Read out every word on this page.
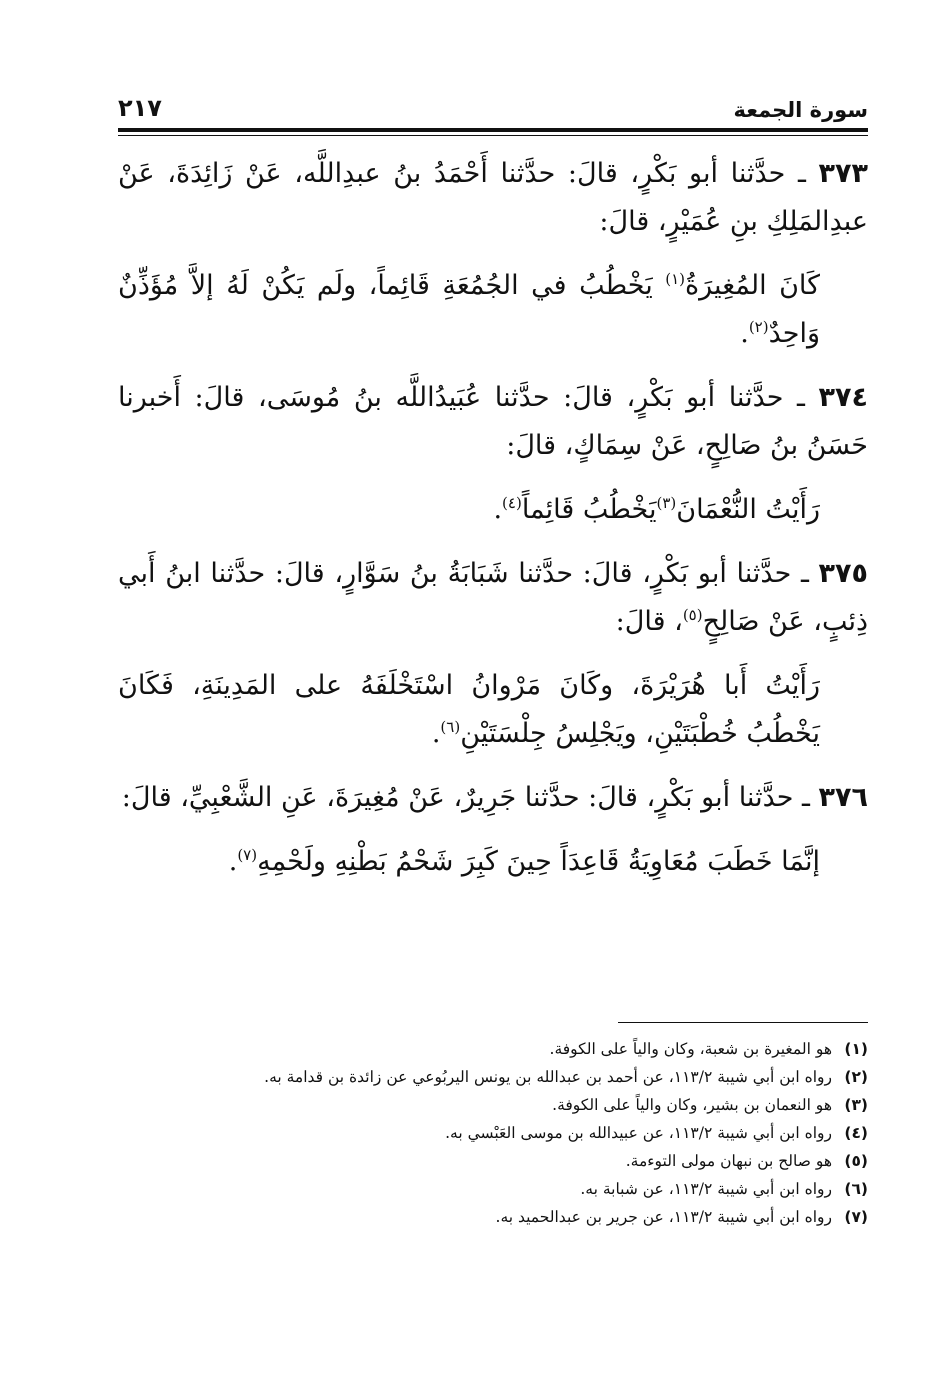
سورة الجمعة
٢١٧

٣٧٣ ـ حدَّثنا أبو بَكْرٍ، قالَ: حدَّثنا أَحْمَدُ بنُ عبدِاللَّه، عَنْ زَائِدَةَ، عَنْ عبدِالمَلِكِ بنِ عُمَيْرٍ، قالَ:

كَانَ المُغِيرَةُ$^{(١)}$ يَخْطُبُ في الجُمُعَةِ قَائِماً، ولَم يَكُنْ لَهُ إلاَّ مُؤَذِّنٌ وَاحِدٌ$^{(٢)}$.

٣٧٤ ـ حدَّثنا أبو بَكْرٍ، قالَ: حدَّثنا عُبَيدُاللَّه بنُ مُوسَى، قالَ: أَخبرنا حَسَنُ بنُ صَالِحٍ، عَنْ سِمَاكٍ، قالَ:

رَأَيْتُ النُّعْمَانَ$^{(٣)}$يَخْطُبُ قَائِماً$^{(٤)}$.

٣٧٥ ـ حدَّثنا أبو بَكْرٍ، قالَ: حدَّثنا شَبَابَةُ بنُ سَوَّارٍ، قالَ: حدَّثنا ابنُ أَبي ذِئبٍ، عَنْ صَالِحٍ$^{(٥)}$، قالَ:

رَأَيْتُ أَبا هُرَيْرَةَ، وكَانَ مَرْوانُ اسْتَخْلَفَهُ على المَدِينَةِ، فَكَانَ يَخْطُبُ خُطْبَتَيْنِ، ويَجْلِسُ جِلْسَتَيْنِ$^{(٦)}$.

٣٧٦ ـ حدَّثنا أبو بَكْرٍ، قالَ: حدَّثنا جَرِيرٌ، عَنْ مُغِيرَةَ، عَنِ الشَّعْبِيِّ، قالَ:

إنَّمَا خَطَبَ مُعَاوِيَةُ قَاعِدَاً حِينَ كَبِرَ شَحْمُ بَطْنِهِ ولَحْمِهِ$^{(٧)}$.

(١)
هو المغيرة بن شعبة، وكان والياً على الكوفة.
(٢)
رواه ابن أبي شيبة ١١٣/٢، عن أحمد بن عبدالله بن يونس اليربُوعي عن زائدة بن قدامة به.
(٣)
هو النعمان بن بشير، وكان والياً على الكوفة.
(٤)
رواه ابن أبي شيبة ١١٣/٢، عن عبيدالله بن موسى العَبْسي به.
(٥)
هو صالح بن نبهان مولى التوءمة.
(٦)
رواه ابن أبي شيبة ١١٣/٢، عن شبابة به.
(٧)
رواه ابن أبي شيبة ١١٣/٢، عن جرير بن عبدالحميد به.
